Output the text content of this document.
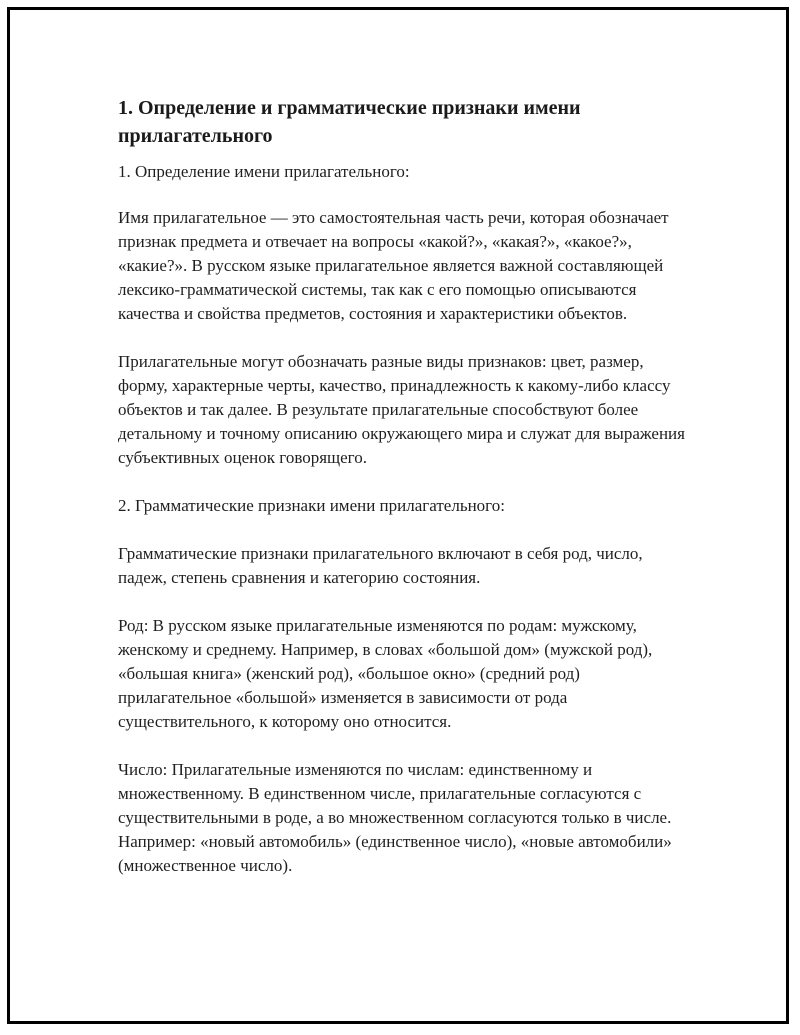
1. Определение и грамматические признаки имени прилагательного

1. Определение имени прилагательного:

Имя прилагательное — это самостоятельная часть речи, которая обозначает признак предмета и отвечает на вопросы «какой?», «какая?», «какое?», «какие?». В русском языке прилагательное является важной составляющей лексико-грамматической системы, так как с его помощью описываются качества и свойства предметов, состояния и характеристики объектов.

Прилагательные могут обозначать разные виды признаков: цвет, размер, форму, характерные черты, качество, принадлежность к какому-либо классу объектов и так далее. В результате прилагательные способствуют более детальному и точному описанию окружающего мира и служат для выражения субъективных оценок говорящего.

2. Грамматические признаки имени прилагательного:

Грамматические признаки прилагательного включают в себя род, число, падеж, степень сравнения и категорию состояния.

Род: В русском языке прилагательные изменяются по родам: мужскому, женскому и среднему. Например, в словах «большой дом» (мужской род), «большая книга» (женский род), «большое окно» (средний род) прилагательное «большой» изменяется в зависимости от рода существительного, к которому оно относится.

Число: Прилагательные изменяются по числам: единственному и множественному. В единственном числе, прилагательные согласуются с существительными в роде, а во множественном согласуются только в числе. Например: «новый автомобиль» (единственное число), «новые автомобили» (множественное число).
